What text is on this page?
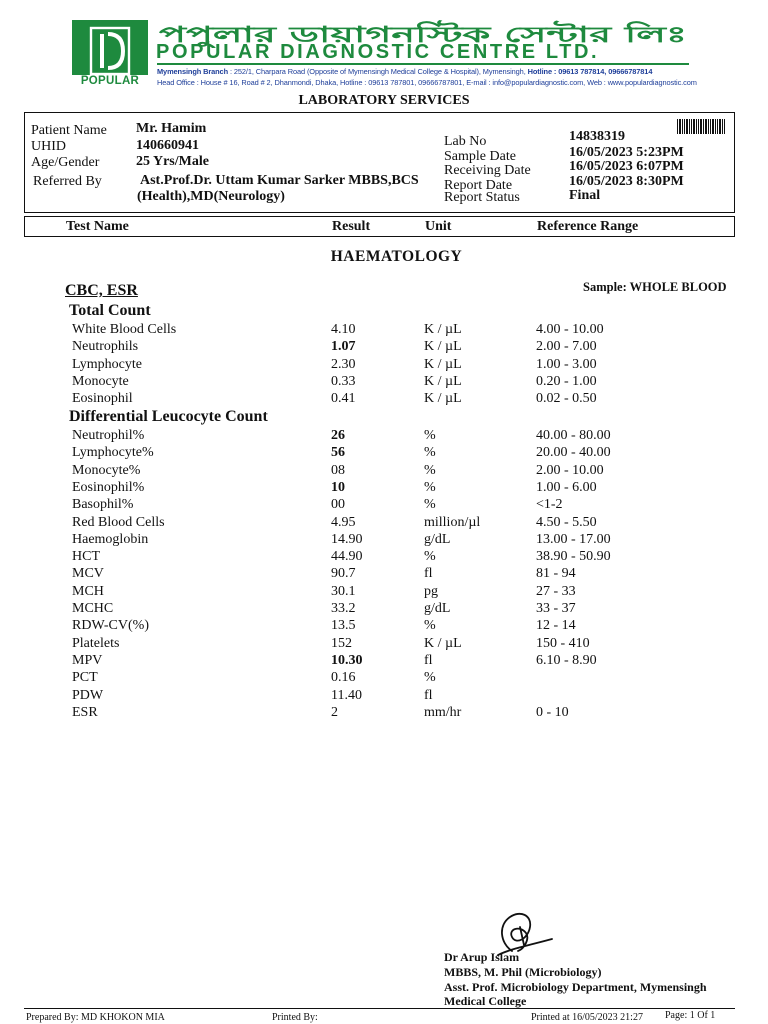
POPULAR
পপুলার ডায়াগনস্টিক সেন্টার লিঃ
POPULAR DIAGNOSTIC CENTRE LTD.
Mymensingh Branch : 252/1, Charpara Road (Opposite of Mymensingh Medical College & Hospital), Mymensingh, Hotline : 09613 787814, 09666787814
Head Office : House # 16, Road # 2, Dhanmondi, Dhaka, Hotline : 09613 787801, 09666787801, E-mail : info@populardiagnostic.com, Web : www.populardiagnostic.com
LABORATORY SERVICES
Patient Name Mr. Hamim
UHID	140660941
Age/Gender	25 Yrs/Male
Referred By	Ast.Prof.Dr. Uttam Kumar Sarker MBBS,BCS
(Health),MD(Neurology)
Lab No	14838319
Sample Date	16/05/2023 5:23PM
Receiving Date	16/05/2023 6:07PM
Report Date	16/05/2023 8:30PM
Report Status	Final
Test Name	Result	Unit	Reference Range
HAEMATOLOGY
CBC, ESR	Sample: WHOLE BLOOD
Total Count
Differential Leucocyte Count
White Blood Cells	4.10	K / µL	4.00 - 10.00
Neutrophils	1.07	K / µL	2.00 - 7.00
Lymphocyte	2.30	K / µL	1.00 - 3.00
Monocyte	0.33	K / µL	0.20 - 1.00
Eosinophil	0.41	K / µL	0.02 - 0.50
Neutrophil%	26	%	40.00 - 80.00
Lymphocyte%	56	%	20.00 - 40.00
Monocyte%	08	%	2.00 - 10.00
Eosinophil%	10	%	1.00 - 6.00
Basophil%	00	%	<1-2
Red Blood Cells	4.95	million/µl	4.50 - 5.50
Haemoglobin	14.90	g/dL	13.00 - 17.00
HCT	44.90	%	38.90 - 50.90
MCV	90.7	fl	81 - 94
MCH	30.1	pg	27 - 33
MCHC	33.2	g/dL	33 - 37
RDW-CV(%)	13.5	%	12 - 14
Platelets	152	K / µL	150 - 410
MPV	10.30	fl	6.10 - 8.90
PCT	0.16	%
PDW	11.40	fl
ESR	2	mm/hr	0 - 10
Dr Arup Islam
MBBS, M. Phil (Microbiology)
Asst. Prof. Microbiology Department, Mymensingh
Medical College
Prepared By: MD KHOKON MIA	Printed By:	Printed at 16/05/2023 21:27 Page: 1 Of 1
